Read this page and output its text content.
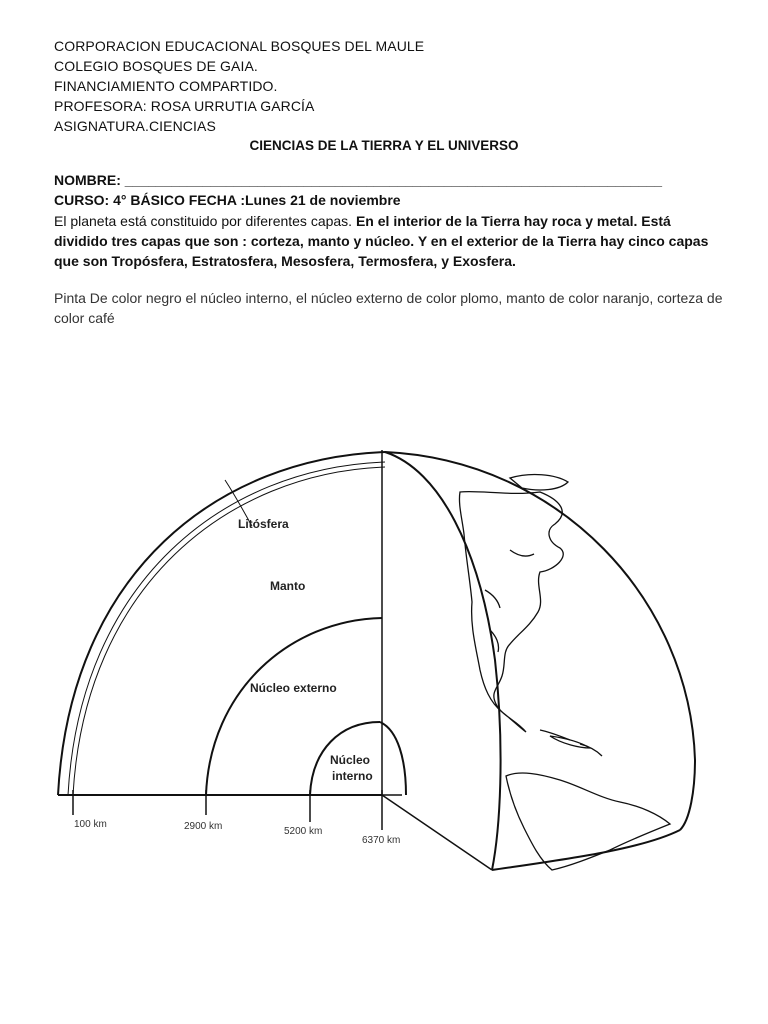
CORPORACION EDUCACIONAL BOSQUES DEL MAULE
COLEGIO BOSQUES DE GAIA.
FINANCIAMIENTO COMPARTIDO.
PROFESORA: ROSA URRUTIA GARCÍA
ASIGNATURA.CIENCIAS
CIENCIAS DE LA TIERRA Y EL UNIVERSO
NOMBRE: _____________________________________________________________________
CURSO: 4° BÁSICO FECHA :Lunes 21 de noviembre
El planeta está constituido por diferentes capas. En el interior de la Tierra hay roca y metal. Está dividido tres capas que son : corteza, manto y núcleo. Y en el exterior de la Tierra hay cinco capas que son Tropósfera, Estratosfera, Mesosfera, Termosfera, y Exosfera.
Pinta De color negro el núcleo interno, el núcleo externo de color plomo, manto de color naranjo, corteza de color café
Litósfera
Manto
Núcleo externo
Núcleo
interno
100 km	2900 km	5200 km
6370 km
